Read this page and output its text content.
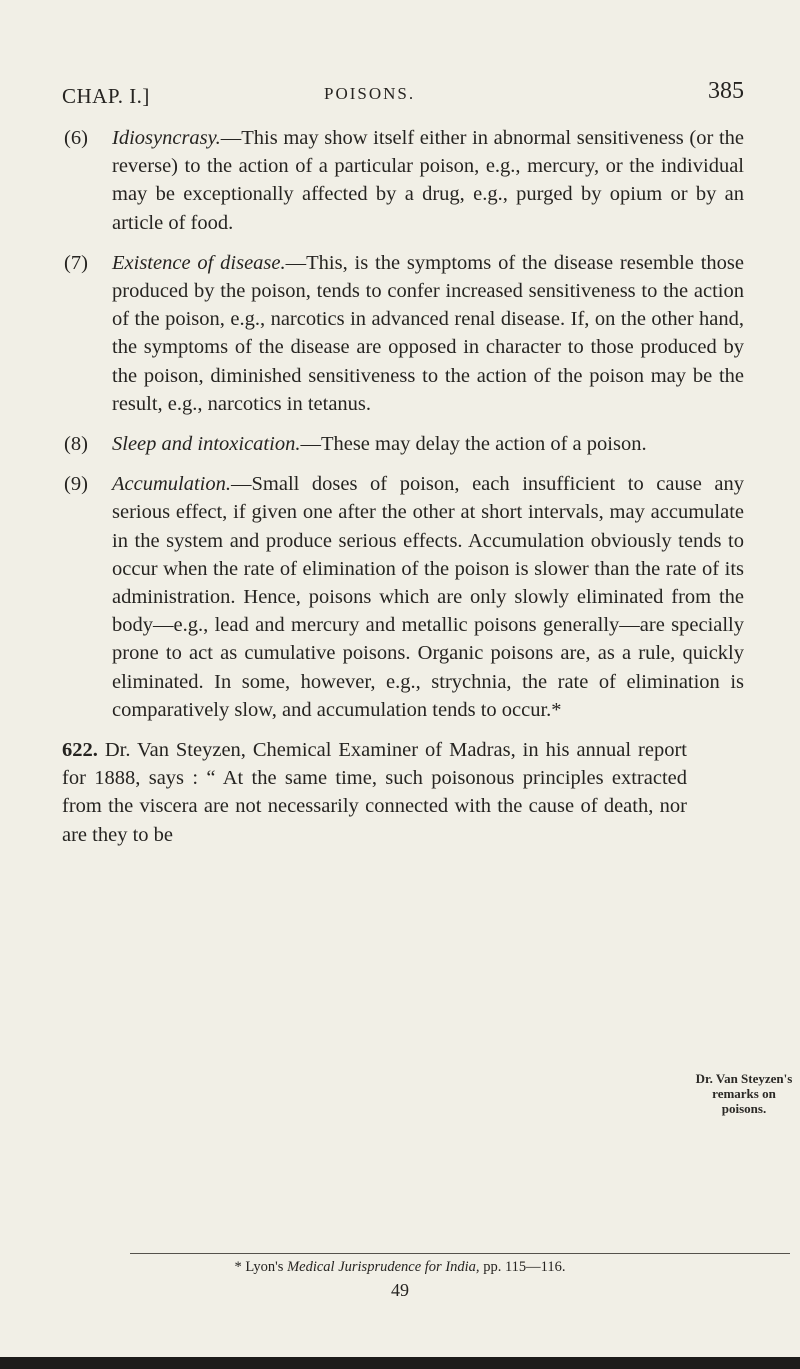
CHAP. I.]	POISONS.	385
(6) Idiosyncrasy.—This may show itself either in abnormal sensitiveness (or the reverse) to the action of a particular poison, e.g., mercury, or the individual may be exceptionally affected by a drug, e.g., purged by opium or by an article of food.
(7) Existence of disease.—This, is the symptoms of the disease resemble those produced by the poison, tends to confer increased sensitiveness to the action of the poison, e.g., narcotics in advanced renal disease. If, on the other hand, the symptoms of the disease are opposed in character to those produced by the poison, diminished sensitiveness to the action of the poison may be the result, e.g., narcotics in tetanus.
(8) Sleep and intoxication.—These may delay the action of a poison.
(9) Accumulation.—Small doses of poison, each insufficient to cause any serious effect, if given one after the other at short intervals, may accumulate in the system and produce serious effects. Accumulation obviously tends to occur when the rate of elimination of the poison is slower than the rate of its administration. Hence, poisons which are only slowly eliminated from the body—e.g., lead and mercury and metallic poisons generally—are specially prone to act as cumulative poisons. Organic poisons are, as a rule, quickly eliminated. In some, however, e.g., strychnia, the rate of elimination is comparatively slow, and accumulation tends to occur.*
622. Dr. Van Steyzen, Chemical Examiner of Madras, in his annual report for 1888, says : “ At the same time, such poisonous principles extracted from the viscera are not necessarily connected with the cause of death, nor are they to be
Dr. Van Steyzen's remarks on poisons.
* Lyon's Medical Jurisprudence for India, pp. 115—116.
49
